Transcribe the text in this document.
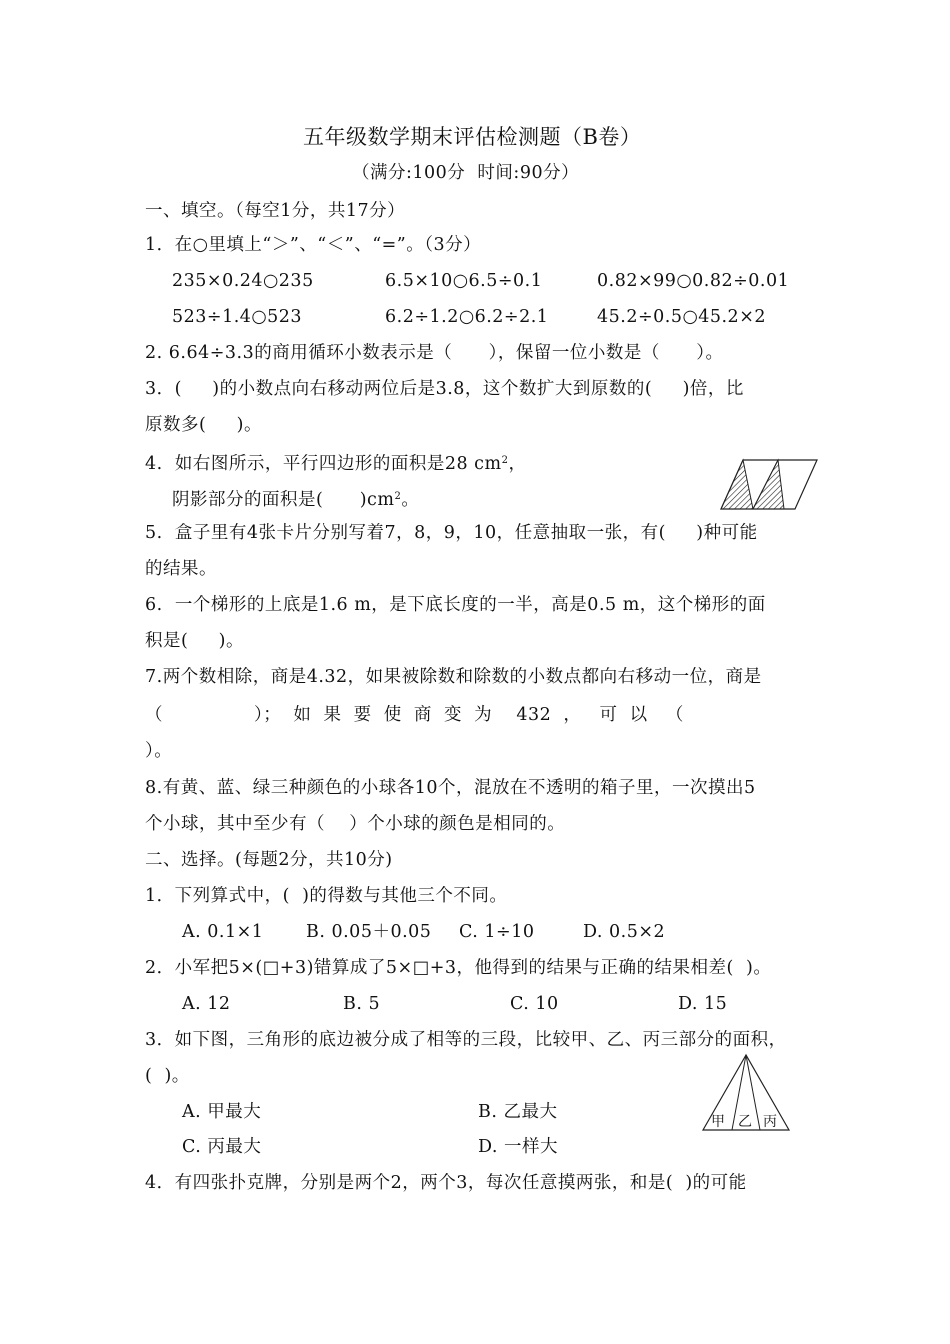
五年级数学期末评估检测题（B卷）
（满分:100分  时间:90分）
一、填空。（每空1分，共17分）
1．在○里填上“＞”、“＜”、“=”。（3分）
235×0.24○235	6.5×10○6.5÷0.1	0.82×99○0.82÷0.01
523÷1.4○523	6.2÷1.2○6.2÷2.1	45.2÷0.5○45.2×2
2. 6.64÷3.3的商用循环小数表示是（      ），保留一位小数是（      ）。
3．(     )的小数点向右移动两位后是3.8，这个数扩大到原数的(     )倍，比
原数多(     )。
4.  如右图所示，平行四边形的面积是28 $cm^2$，
阴影部分的面积是(      )$cm^2$。
5.  盒子里有4张卡片分别写着7，8，9，10，任意抽取一张，有(     )种可能
的结果。
6.  一个梯形的上底是1.6 m，是下底长度的一半，高是0.5 m，这个梯形的面
积是(     )。
7.两个数相除，商是4.32，如果被除数和除数的小数点都向右移动一位，商是
（               ）；  如  果  要  使  商  变  为    432  ，   可  以   （
）。
8.有黄、蓝、绿三种颜色的小球各10个，混放在不透明的箱子里，一次摸出5
个小球，其中至少有（    ）个小球的颜色是相同的。
二、选择。(每题2分，共10分)
1．下列算式中，(  )的得数与其他三个不同。
A. 0.1×1 B. 0.05＋0.05 C. 1÷10	D. 0.5×2
2．小军把5×(□+3)错算成了5×□+3，他得到的结果与正确的结果相差(  )。
A. 12	B. 5	C. 10	D. 15
3．如下图，三角形的底边被分成了相等的三段，比较甲、乙、丙三部分的面积，
(  )。
A. 甲最大	B. 乙最大
C. 丙最大	D. 一样大
甲 乙 丙
4．有四张扑克牌，分别是两个2，两个3，每次任意摸两张，和是(  )的可能
